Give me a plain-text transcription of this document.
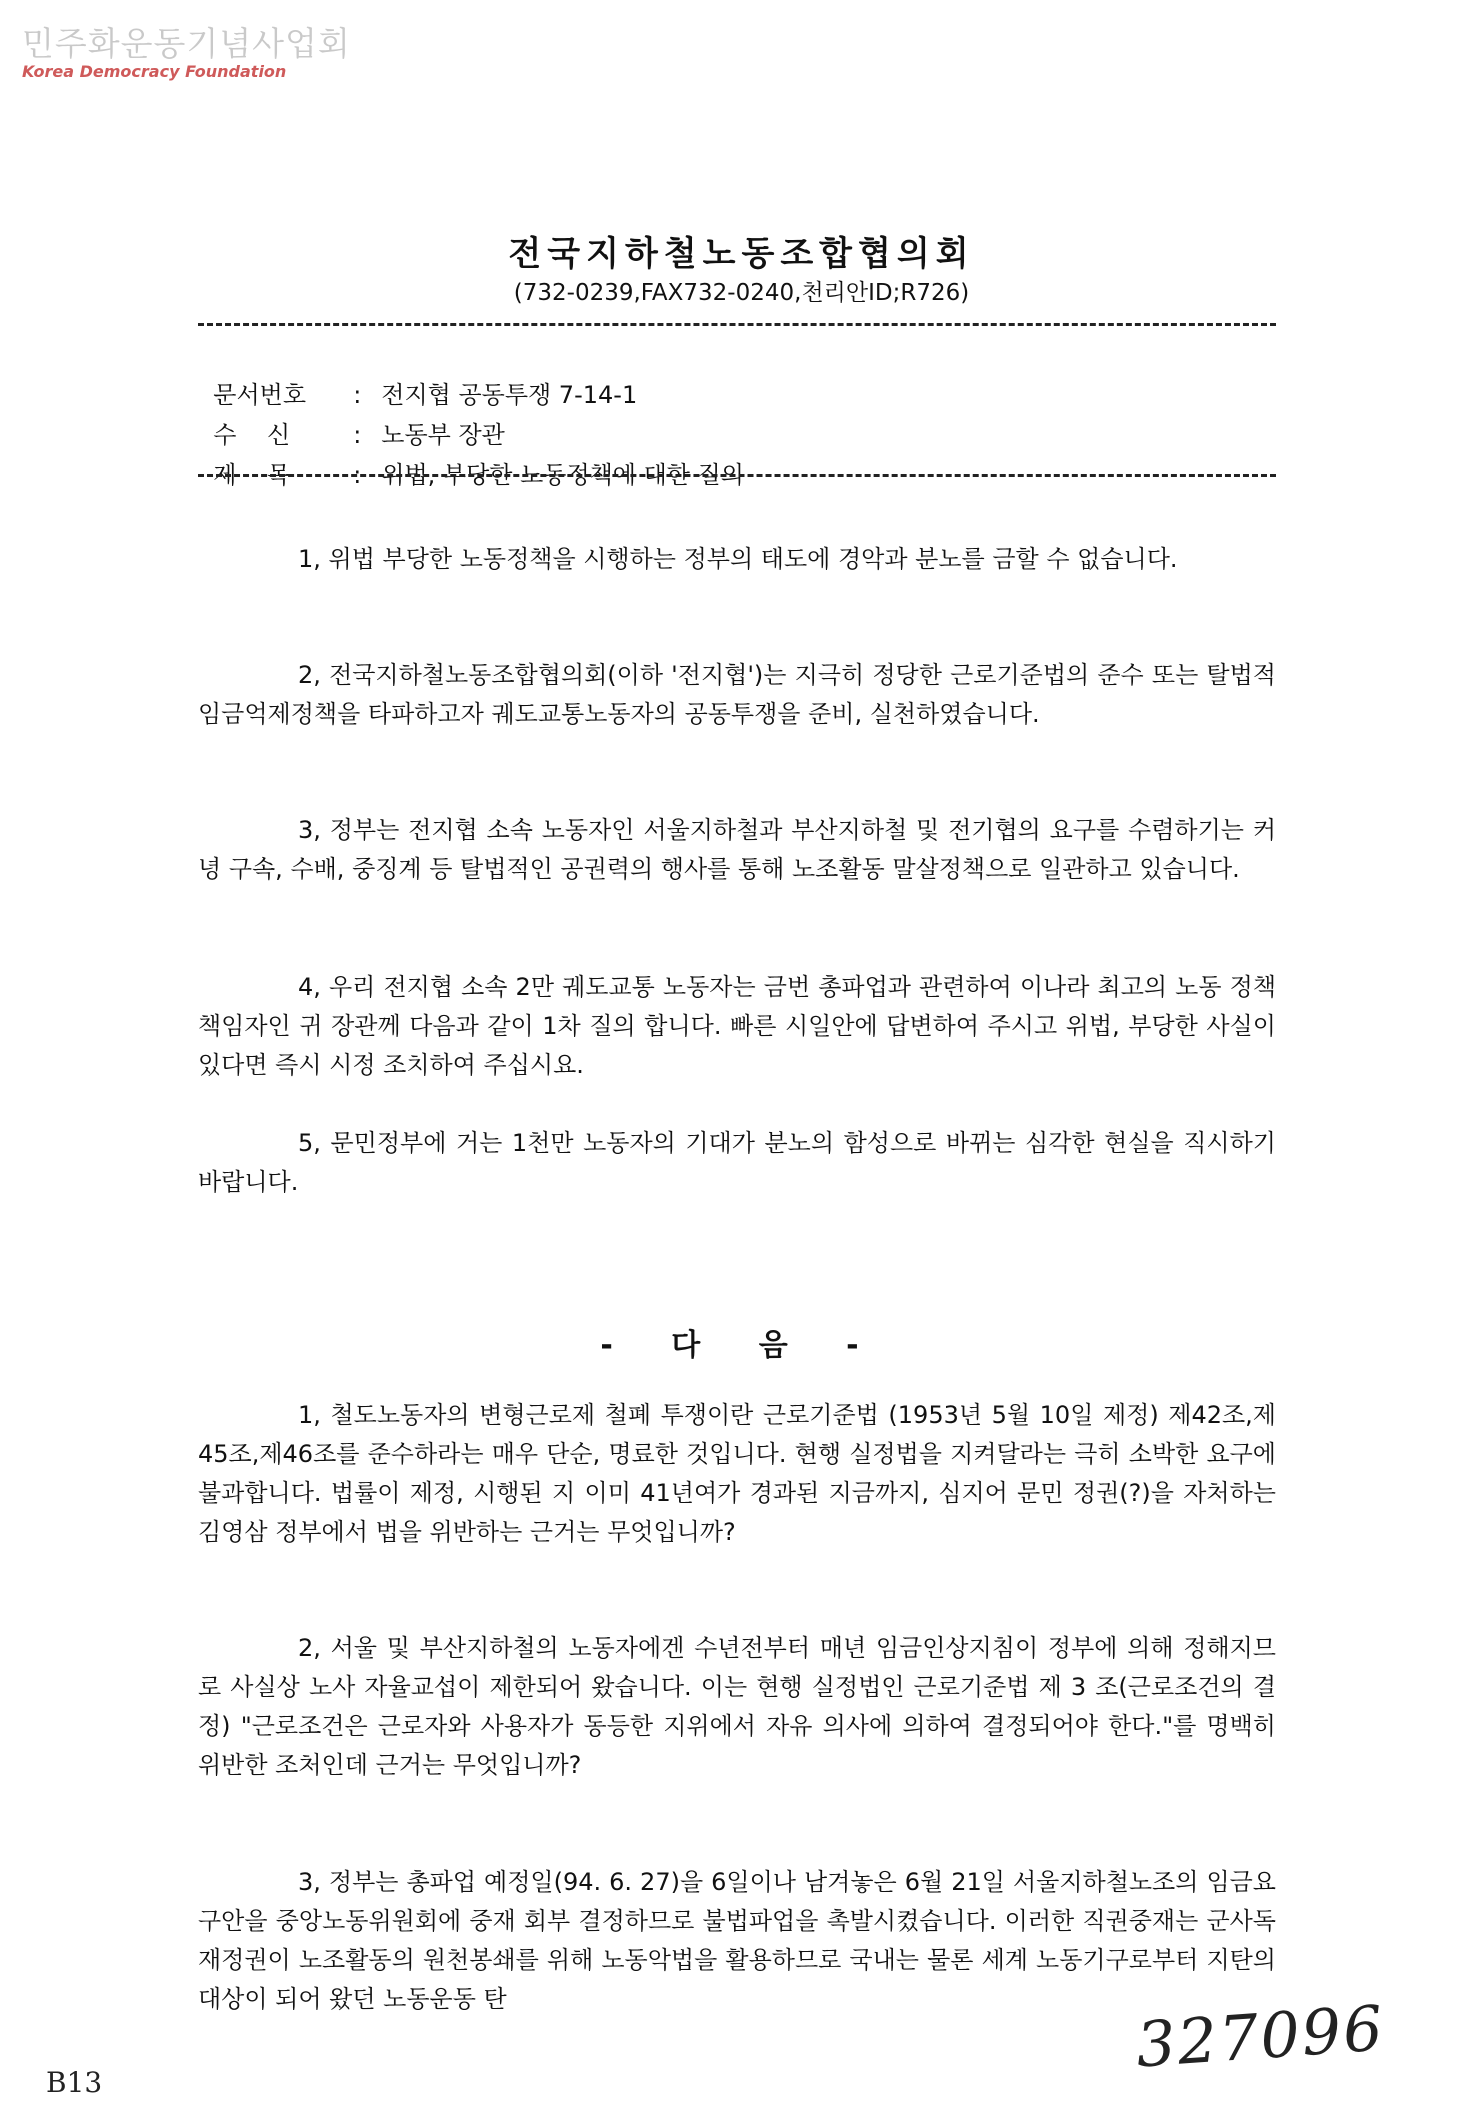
민주화운동기념사업회
Korea Democracy Foundation
전국지하철노동조합협의회
(732-0239,FAX732-0240,천리안ID;R726)

문서번호 : 전지협 공동투쟁 7-14-1

수    신	: 노동부 장관

제    목	: 위법, 부당한 노동정책에 대한 질의

1, 위법 부당한 노동정책을 시행하는 정부의 태도에 경악과 분노를 금할 수 없습니다.

2, 전국지하철노동조합협의회(이하 '전지협')는 지극히 정당한 근로기준법의 준수 또는 탈법적 임금억제정책을 타파하고자 궤도교통노동자의 공동투쟁을 준비, 실천하였습니다.

3, 정부는 전지협 소속 노동자인 서울지하철과 부산지하철 및 전기협의 요구를 수렴하기는 커녕 구속, 수배, 중징계 등 탈법적인 공권력의 행사를 통해 노조활동 말살정책으로 일관하고 있습니다.

4, 우리 전지협 소속 2만 궤도교통 노동자는 금번 총파업과 관련하여 이나라 최고의 노동 정책 책임자인 귀 장관께 다음과 같이 1차 질의 합니다. 빠른 시일안에 답변하여 주시고 위법, 부당한 사실이 있다면 즉시 시정 조치하여 주십시요.

5, 문민정부에 거는 1천만 노동자의 기대가 분노의 함성으로 바뀌는 심각한 현실을 직시하기 바랍니다.

- 다 음 -

1, 철도노동자의 변형근로제 철폐 투쟁이란 근로기준법 (1953년 5월 10일 제정) 제42조,제45조,제46조를 준수하라는 매우 단순, 명료한 것입니다. 현행 실정법을 지켜달라는 극히 소박한 요구에 불과합니다. 법률이 제정, 시행된 지 이미 41년여가 경과된 지금까지, 심지어 문민 정권(?)을 자처하는 김영삼 정부에서 법을 위반하는 근거는 무엇입니까?

2, 서울 및 부산지하철의 노동자에겐 수년전부터 매년 임금인상지침이 정부에 의해 정해지므로 사실상 노사 자율교섭이 제한되어 왔습니다. 이는 현행 실정법인 근로기준법 제 3 조(근로조건의 결정) "근로조건은 근로자와 사용자가 동등한 지위에서 자유 의사에 의하여 결정되어야 한다."를 명백히 위반한 조처인데 근거는 무엇입니까?

3, 정부는 총파업 예정일(94. 6. 27)을 6일이나 남겨놓은 6월 21일 서울지하철노조의 임금요구안을 중앙노동위원회에 중재 회부 결정하므로 불법파업을 촉발시켰습니다. 이러한 직권중재는 군사독재정권이 노조활동의 원천봉쇄를 위해 노동악법을 활용하므로 국내는 물론 세계 노동기구로부터 지탄의 대상이 되어 왔던 노동운동 탄

B13
327096
